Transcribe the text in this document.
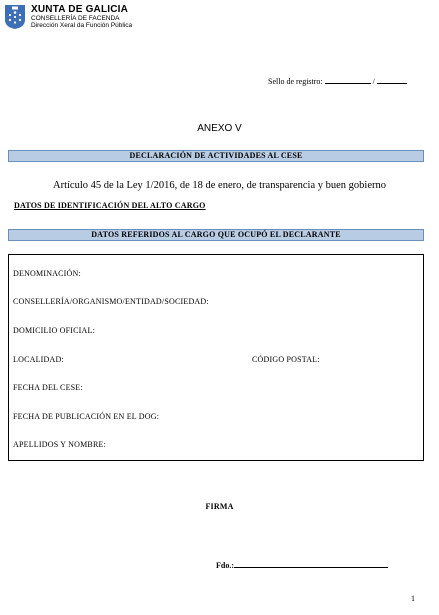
XUNTA DE GALICIA
CONSELLERÍA DE FACENDA
Dirección Xeral da Función Pública
Sello de registro:	/
ANEXO V
DECLARACIÓN DE ACTIVIDADES AL CESE
Artículo 45 de la Ley 1/2016, de 18 de enero, de transparencia y buen gobierno
DATOS DE IDENTIFICACIÓN DEL ALTO CARGO
DATOS REFERIDOS AL CARGO QUE OCUPÓ EL DECLARANTE
DENOMINACIÓN:
CONSELLERÍA/ORGANISMO/ENTIDAD/SOCIEDAD:
DOMICILIO OFICIAL:
LOCALIDAD:	CÓDIGO POSTAL:
FECHA DEL CESE:
FECHA DE PUBLICACIÓN EN EL DOG:
APELLIDOS Y NOMBRE:
FIRMA
Fdo.:
1
